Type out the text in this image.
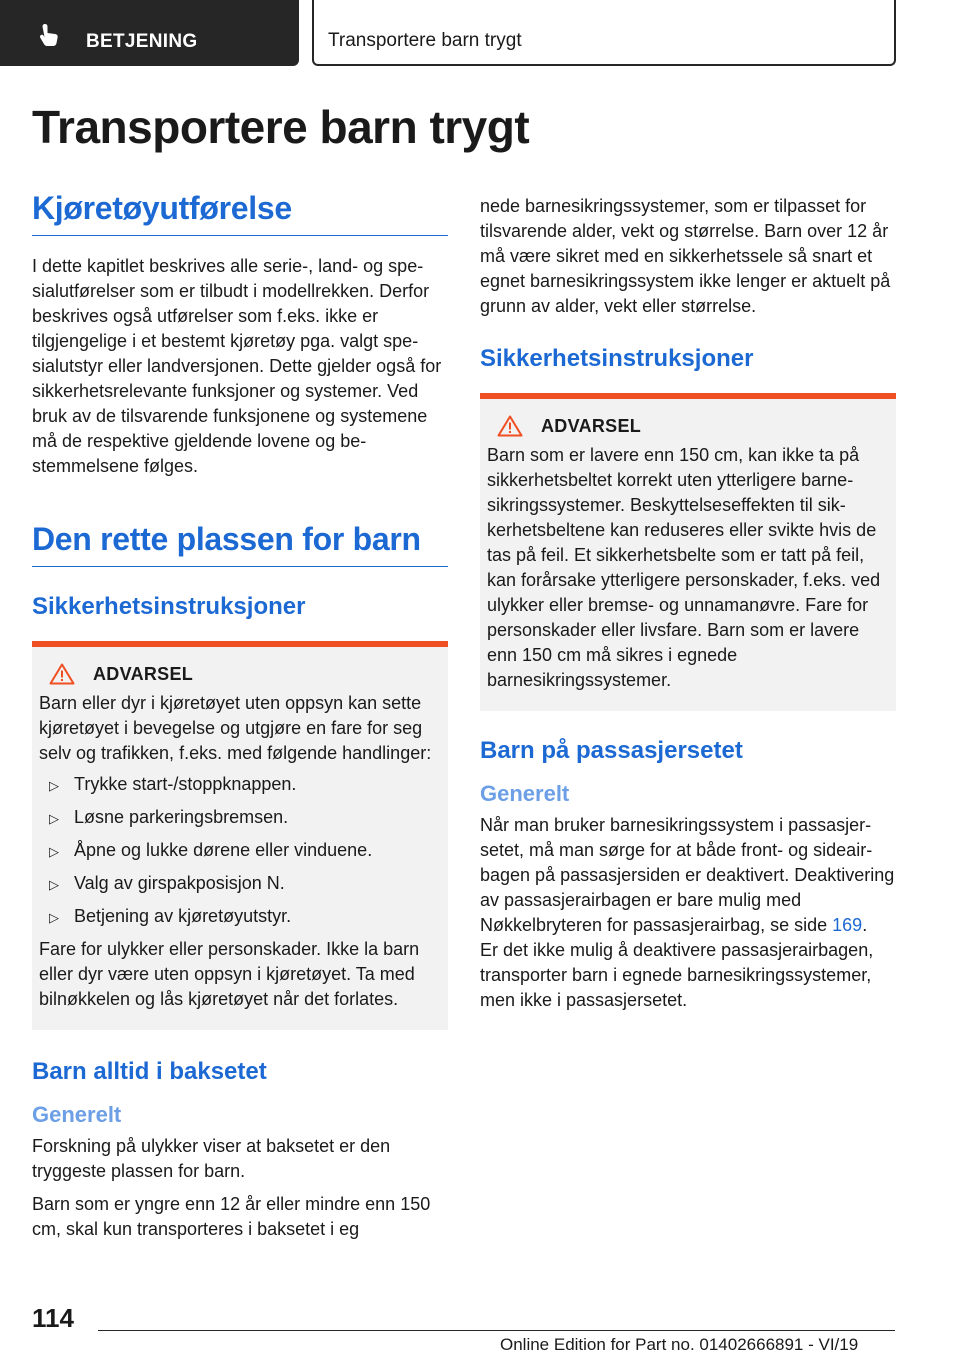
BETJENING	Transportere barn trygt
Transportere barn trygt
Kjøretøyutførelse

I dette kapitlet beskrives alle serie-, land- og spesialutførelser som er tilbudt i modellrekken. Derfor beskrives også utførelser som f.eks. ikke er tilgjengelige i et bestemt kjøretøy pga. valgt spesialutstyr eller landversjonen. Dette gjelder også for sikkerhetsrelevante funksjoner og systemer. Ved bruk av de tilsvarende funksjonene og systemene må de respektive gjeldende lovene og bestemmelsene følges.

Den rette plassen for barn
Sikkerhetsinstruksjoner
ADVARSEL

Barn eller dyr i kjøretøyet uten oppsyn kan sette kjøretøyet i bevegelse og utgjøre en fare for seg selv og trafikken, f.eks. med følgende handlinger:

▷ Trykke start-/stoppknappen.
▷ Løsne parkeringsbremsen.
▷ Åpne og lukke dørene eller vinduene.
▷ Valg av girspakposisjon N.
▷ Betjening av kjøretøyutstyr.

Fare for ulykker eller personskader. Ikke la barn eller dyr være uten oppsyn i kjøretøyet. Ta med bilnøkkelen og lås kjøretøyet når det forlates.

Barn alltid i baksetet
Generelt

Forskning på ulykker viser at baksetet er den tryggeste plassen for barn.

Barn som er yngre enn 12 år eller mindre enn 150 cm, skal kun transporteres i baksetet i eg

nede barnesikringssystemer, som er tilpasset for tilsvarende alder, vekt og størrelse. Barn over 12 år må være sikret med en sikkerhetssele så snart et egnet barnesikringssystem ikke lenger er aktuelt på grunn av alder, vekt eller størrelse.

Sikkerhetsinstruksjoner
ADVARSEL

Barn som er lavere enn 150 cm, kan ikke ta på sikkerhetsbeltet korrekt uten ytterligere barnesikringssystemer. Beskyttelseseffekten til sikkerhetsbeltene kan reduseres eller svikte hvis de tas på feil. Et sikkerhetsbelte som er tatt på feil, kan forårsake ytterligere personskader, f.eks. ved ulykker eller bremse- og unnamanøvre. Fare for personskader eller livsfare. Barn som er lavere enn 150 cm må sikres i egnede barnesikringssystemer.

Barn på passasjersetet
Generelt

Når man bruker barnesikringssystem i passasjersetet, må man sørge for at både front- og sideairbagen på passasjersiden er deaktivert. Deaktivering av passasjerairbagen er bare mulig med Nøkkelbryteren for passasjerairbag, se side 169.

Er det ikke mulig å deaktivere passasjerairbagen, transporter barn i egnede barnesikringssystemer, men ikke i passasjersetet.

114
Online Edition for Part no. 01402666891 - VI/19
